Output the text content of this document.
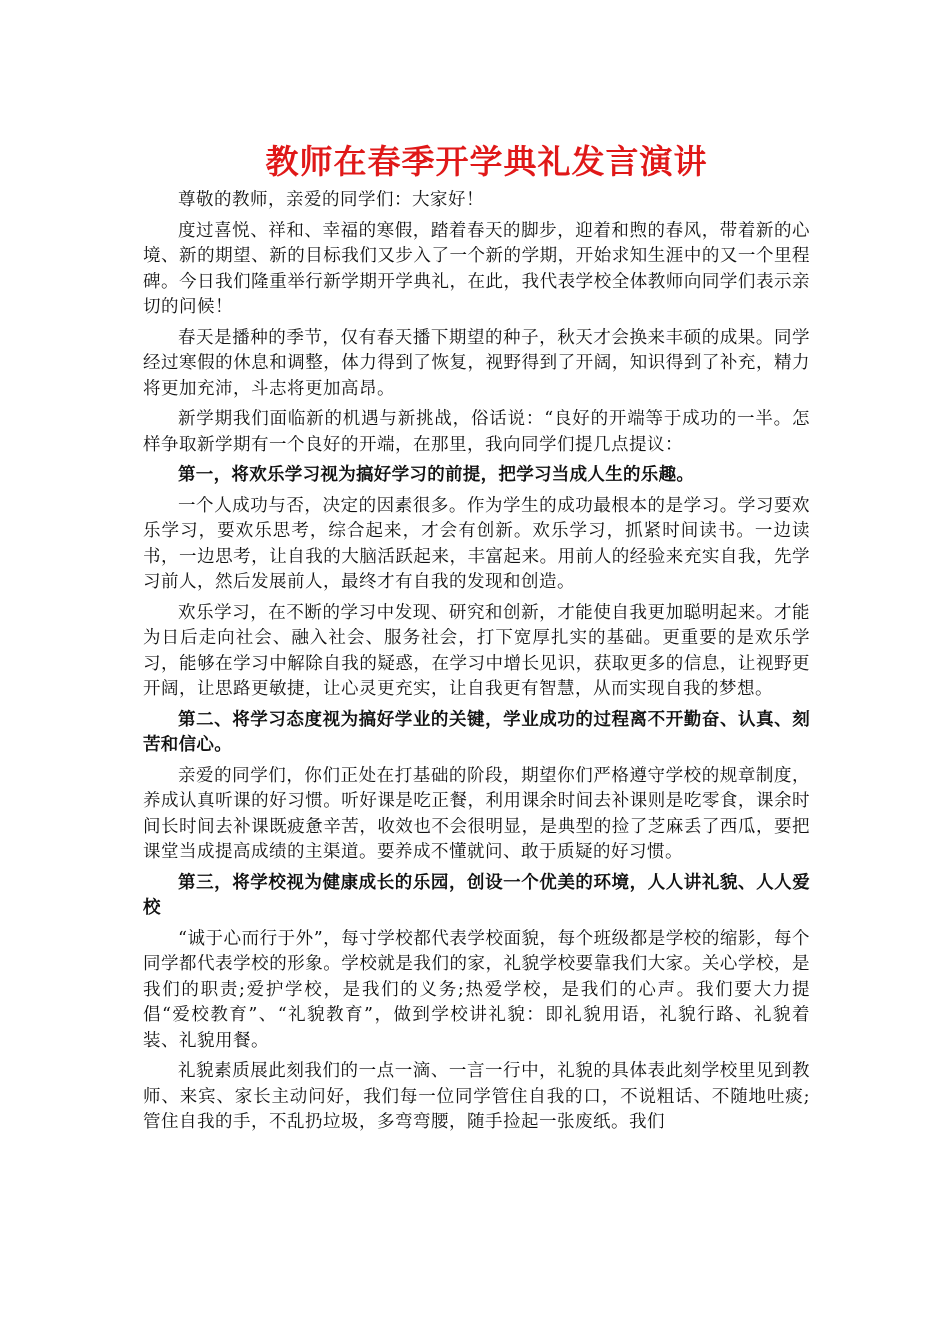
教师在春季开学典礼发言演讲
尊敬的教师，亲爱的同学们：大家好！
度过喜悦、祥和、幸福的寒假，踏着春天的脚步，迎着和煦的春风，带着新的心境、新的期望、新的目标我们又步入了一个新的学期，开始求知生涯中的又一个里程碑。今日我们隆重举行新学期开学典礼，在此，我代表学校全体教师向同学们表示亲切的问候！
春天是播种的季节，仅有春天播下期望的种子，秋天才会换来丰硕的成果。同学经过寒假的休息和调整，体力得到了恢复，视野得到了开阔，知识得到了补充，精力将更加充沛，斗志将更加高昂。
新学期我们面临新的机遇与新挑战，俗话说：“良好的开端等于成功的一半。怎样争取新学期有一个良好的开端，在那里，我向同学们提几点提议：
第一，将欢乐学习视为搞好学习的前提，把学习当成人生的乐趣。
一个人成功与否，决定的因素很多。作为学生的成功最根本的是学习。学习要欢乐学习，要欢乐思考，综合起来，才会有创新。欢乐学习，抓紧时间读书。一边读书，一边思考，让自我的大脑活跃起来，丰富起来。用前人的经验来充实自我，先学习前人，然后发展前人，最终才有自我的发现和创造。
欢乐学习，在不断的学习中发现、研究和创新，才能使自我更加聪明起来。才能为日后走向社会、融入社会、服务社会，打下宽厚扎实的基础。更重要的是欢乐学习，能够在学习中解除自我的疑惑，在学习中增长见识，获取更多的信息，让视野更开阔，让思路更敏捷，让心灵更充实，让自我更有智慧，从而实现自我的梦想。
第二、将学习态度视为搞好学业的关键，学业成功的过程离不开勤奋、认真、刻苦和信心。
亲爱的同学们，你们正处在打基础的阶段，期望你们严格遵守学校的规章制度，养成认真听课的好习惯。听好课是吃正餐，利用课余时间去补课则是吃零食，课余时间长时间去补课既疲惫辛苦，收效也不会很明显，是典型的捡了芝麻丢了西瓜，要把课堂当成提高成绩的主渠道。要养成不懂就问、敢于质疑的好习惯。
第三，将学校视为健康成长的乐园，创设一个优美的环境，人人讲礼貌、人人爱校
“诚于心而行于外”，每寸学校都代表学校面貌，每个班级都是学校的缩影，每个同学都代表学校的形象。学校就是我们的家，礼貌学校要靠我们大家。关心学校，是我们的职责;爱护学校，是我们的义务;热爱学校，是我们的心声。我们要大力提倡“爱校教育”、“礼貌教育”，做到学校讲礼貌：即礼貌用语，礼貌行路、礼貌着装、礼貌用餐。
礼貌素质展此刻我们的一点一滴、一言一行中，礼貌的具体表此刻学校里见到教师、来宾、家长主动问好，我们每一位同学管住自我的口，不说粗话、不随地吐痰;管住自我的手，不乱扔垃圾，多弯弯腰，随手捡起一张废纸。我们
